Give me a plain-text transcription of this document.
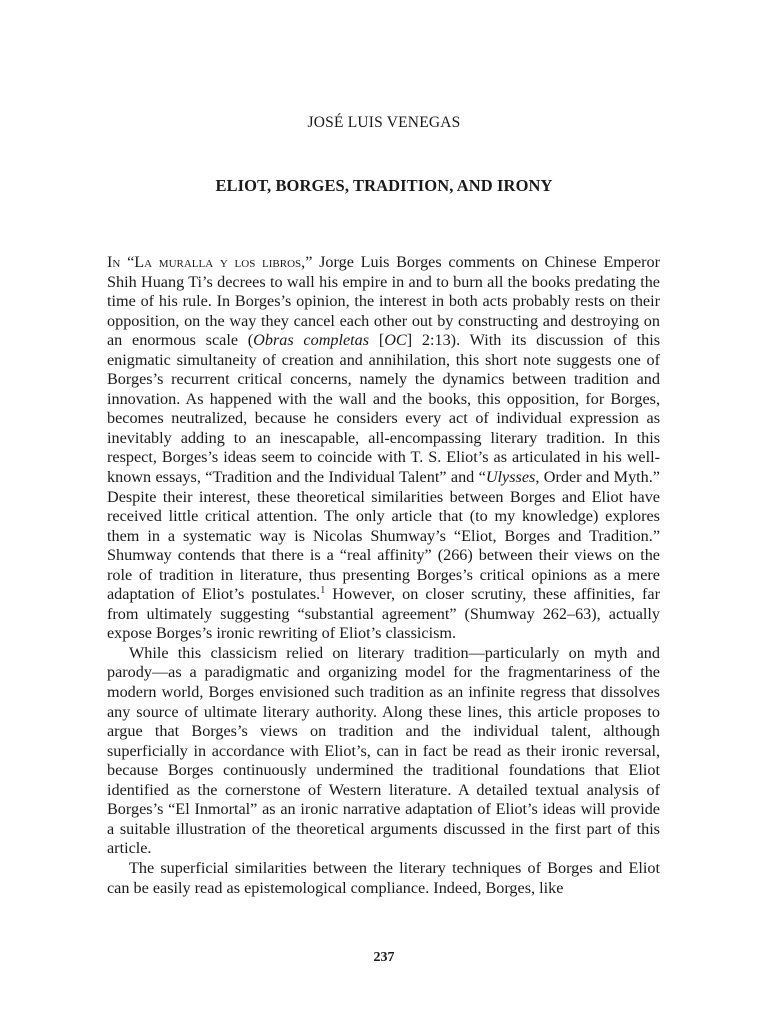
JOSÉ LUIS VENEGAS
ELIOT, BORGES, TRADITION, AND IRONY

In “La muralla y los libros,” Jorge Luis Borges comments on Chinese Emperor Shih Huang Ti’s decrees to wall his empire in and to burn all the books predating the time of his rule. In Borges’s opinion, the interest in both acts probably rests on their opposition, on the way they cancel each other out by constructing and destroying on an enormous scale (Obras completas [OC] 2:13). With its discussion of this enigmatic simultaneity of creation and annihilation, this short note suggests one of Borges’s recurrent critical concerns, namely the dynamics between tradition and innovation. As happened with the wall and the books, this opposition, for Borges, becomes neutralized, because he considers every act of individual expression as inevitably adding to an inescapable, all-encompassing literary tradition. In this respect, Borges’s ideas seem to coincide with T. S. Eliot’s as articulated in his well-known essays, “Tradition and the Individual Talent” and “Ulysses, Order and Myth.” Despite their interest, these theoretical similarities between Borges and Eliot have received little critical attention. The only article that (to my knowledge) explores them in a systematic way is Nicolas Shumway’s “Eliot, Borges and Tradition.” Shumway contends that there is a “real affinity” (266) between their views on the role of tradition in literature, thus presenting Borges’s critical opinions as a mere adaptation of Eliot’s postulates.$^1$ However, on closer scrutiny, these affinities, far from ultimately suggesting “substantial agreement” (Shumway 262–63), actually expose Borges’s ironic rewriting of Eliot’s classicism.

While this classicism relied on literary tradition—particularly on myth and parody—as a paradigmatic and organizing model for the fragmentariness of the modern world, Borges envisioned such tradition as an infinite regress that dissolves any source of ultimate literary authority. Along these lines, this article proposes to argue that Borges’s views on tradition and the individual talent, although superficially in accordance with Eliot’s, can in fact be read as their ironic reversal, because Borges continuously undermined the traditional foundations that Eliot identified as the cornerstone of Western literature. A detailed textual analysis of Borges’s “El Inmortal” as an ironic narrative adaptation of Eliot’s ideas will provide a suitable illustration of the theoretical arguments discussed in the first part of this article.

The superficial similarities between the literary techniques of Borges and Eliot can be easily read as epistemological compliance. Indeed, Borges, like

237
